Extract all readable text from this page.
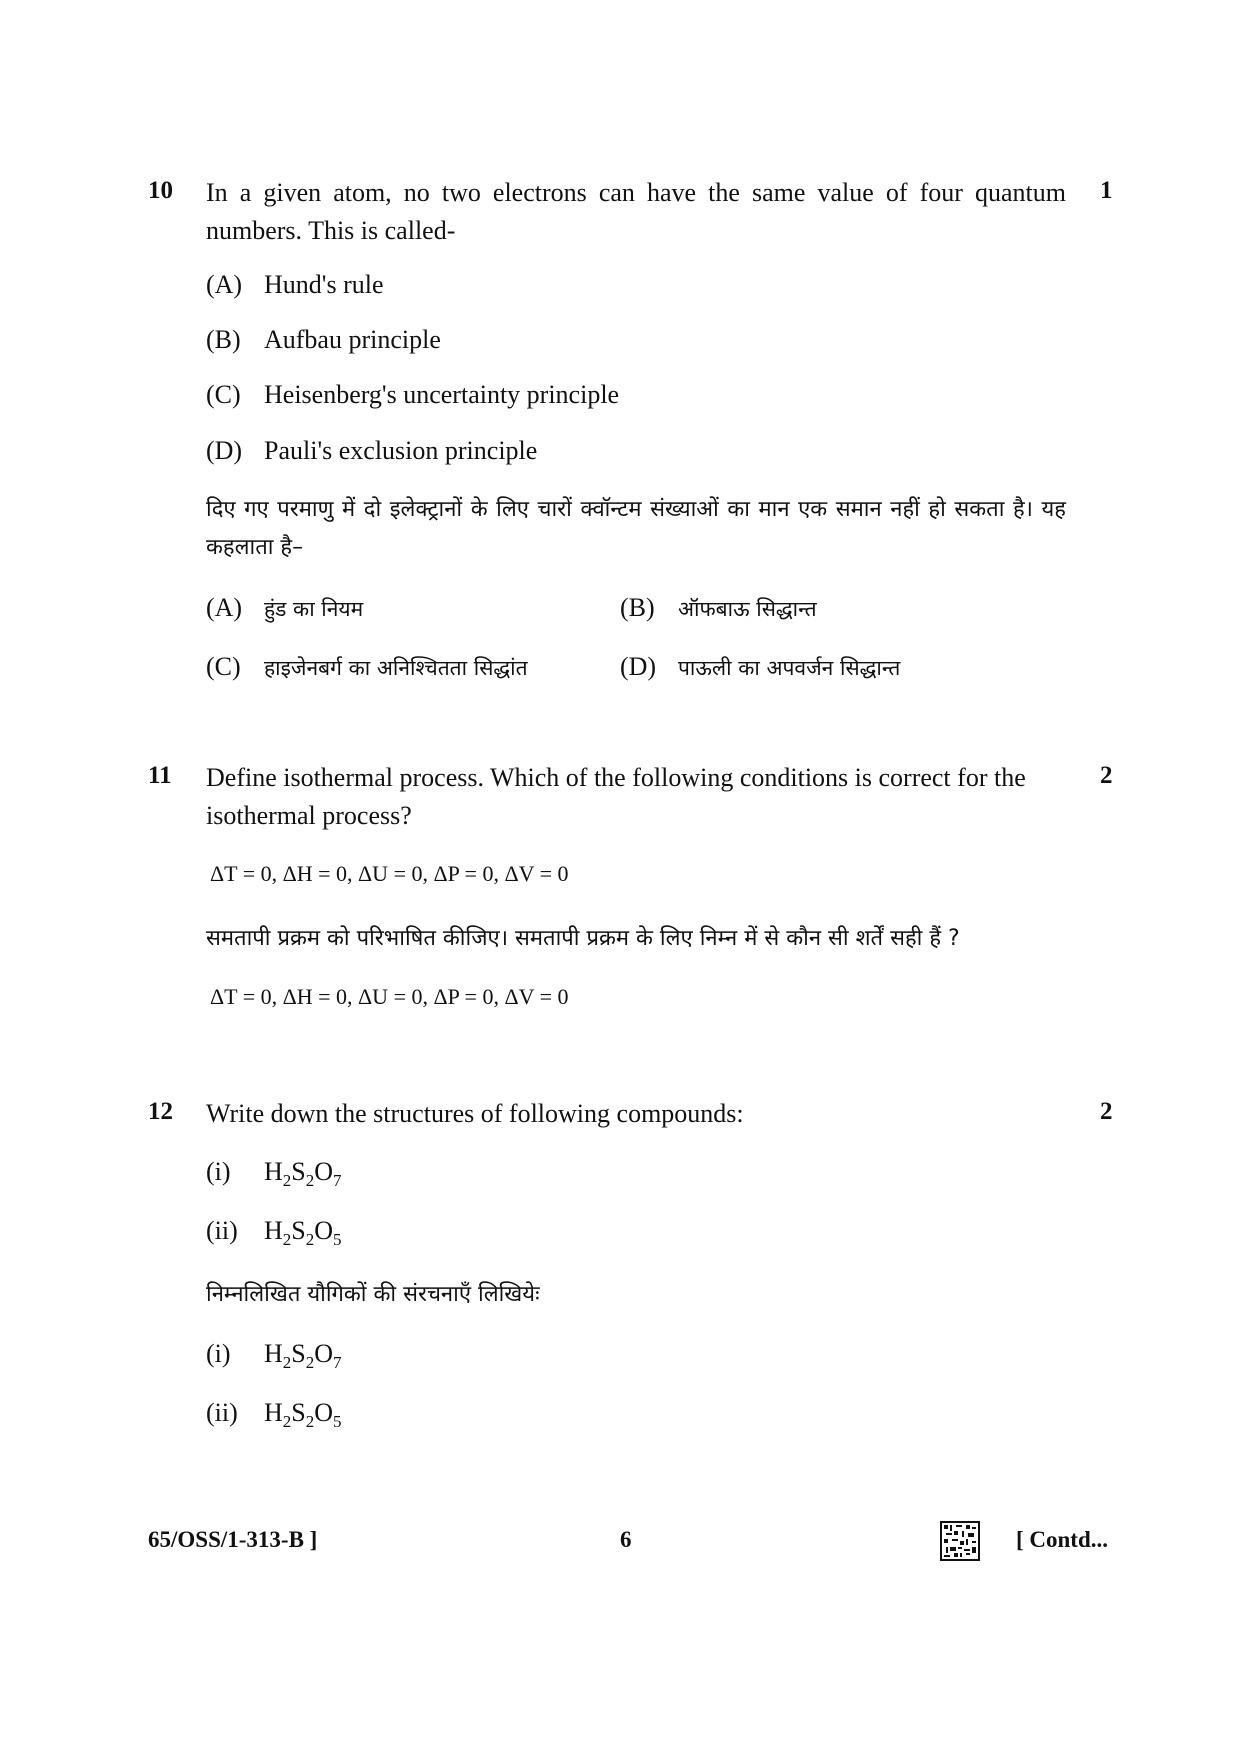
10 In a given atom, no two electrons can have the same value of four quantum numbers. This is called-
1
(A) Hund's rule
(B) Aufbau principle
(C) Heisenberg's uncertainty principle
(D) Pauli's exclusion principle
दिए गए परमाणु में दो इलेक्ट्रानों के लिए चारों क्वॉन्टम संख्याओं का मान एक समान नहीं हो सकता है। यह कहलाता है–
(A) हुंड का नियम	(B) ऑफबाऊ सिद्धान्त
(C) हाइजेनबर्ग का अनिश्चितता सिद्धांत	(D) पाऊली का अपवर्जन सिद्धान्त
11 Define isothermal process. Which of the following conditions is correct for the isothermal process?
2
ΔT = 0, ΔH = 0, ΔU = 0, ΔP = 0, ΔV = 0
समतापी प्रक्रम को परिभाषित कीजिए। समतापी प्रक्रम के लिए निम्न में से कौन सी शर्तें सही हैं ?
ΔT = 0, ΔH = 0, ΔU = 0, ΔP = 0, ΔV = 0
12 Write down the structures of following compounds:	2
(i) $H_2S_2O_7$
(ii) $H_2S_2O_5$
निम्नलिखित यौगिकों की संरचनाएँ लिखियेः
(i) $H_2S_2O_7$
(ii) $H_2S_2O_5$
65/OSS/1-313-B ]	6	[ Contd...
